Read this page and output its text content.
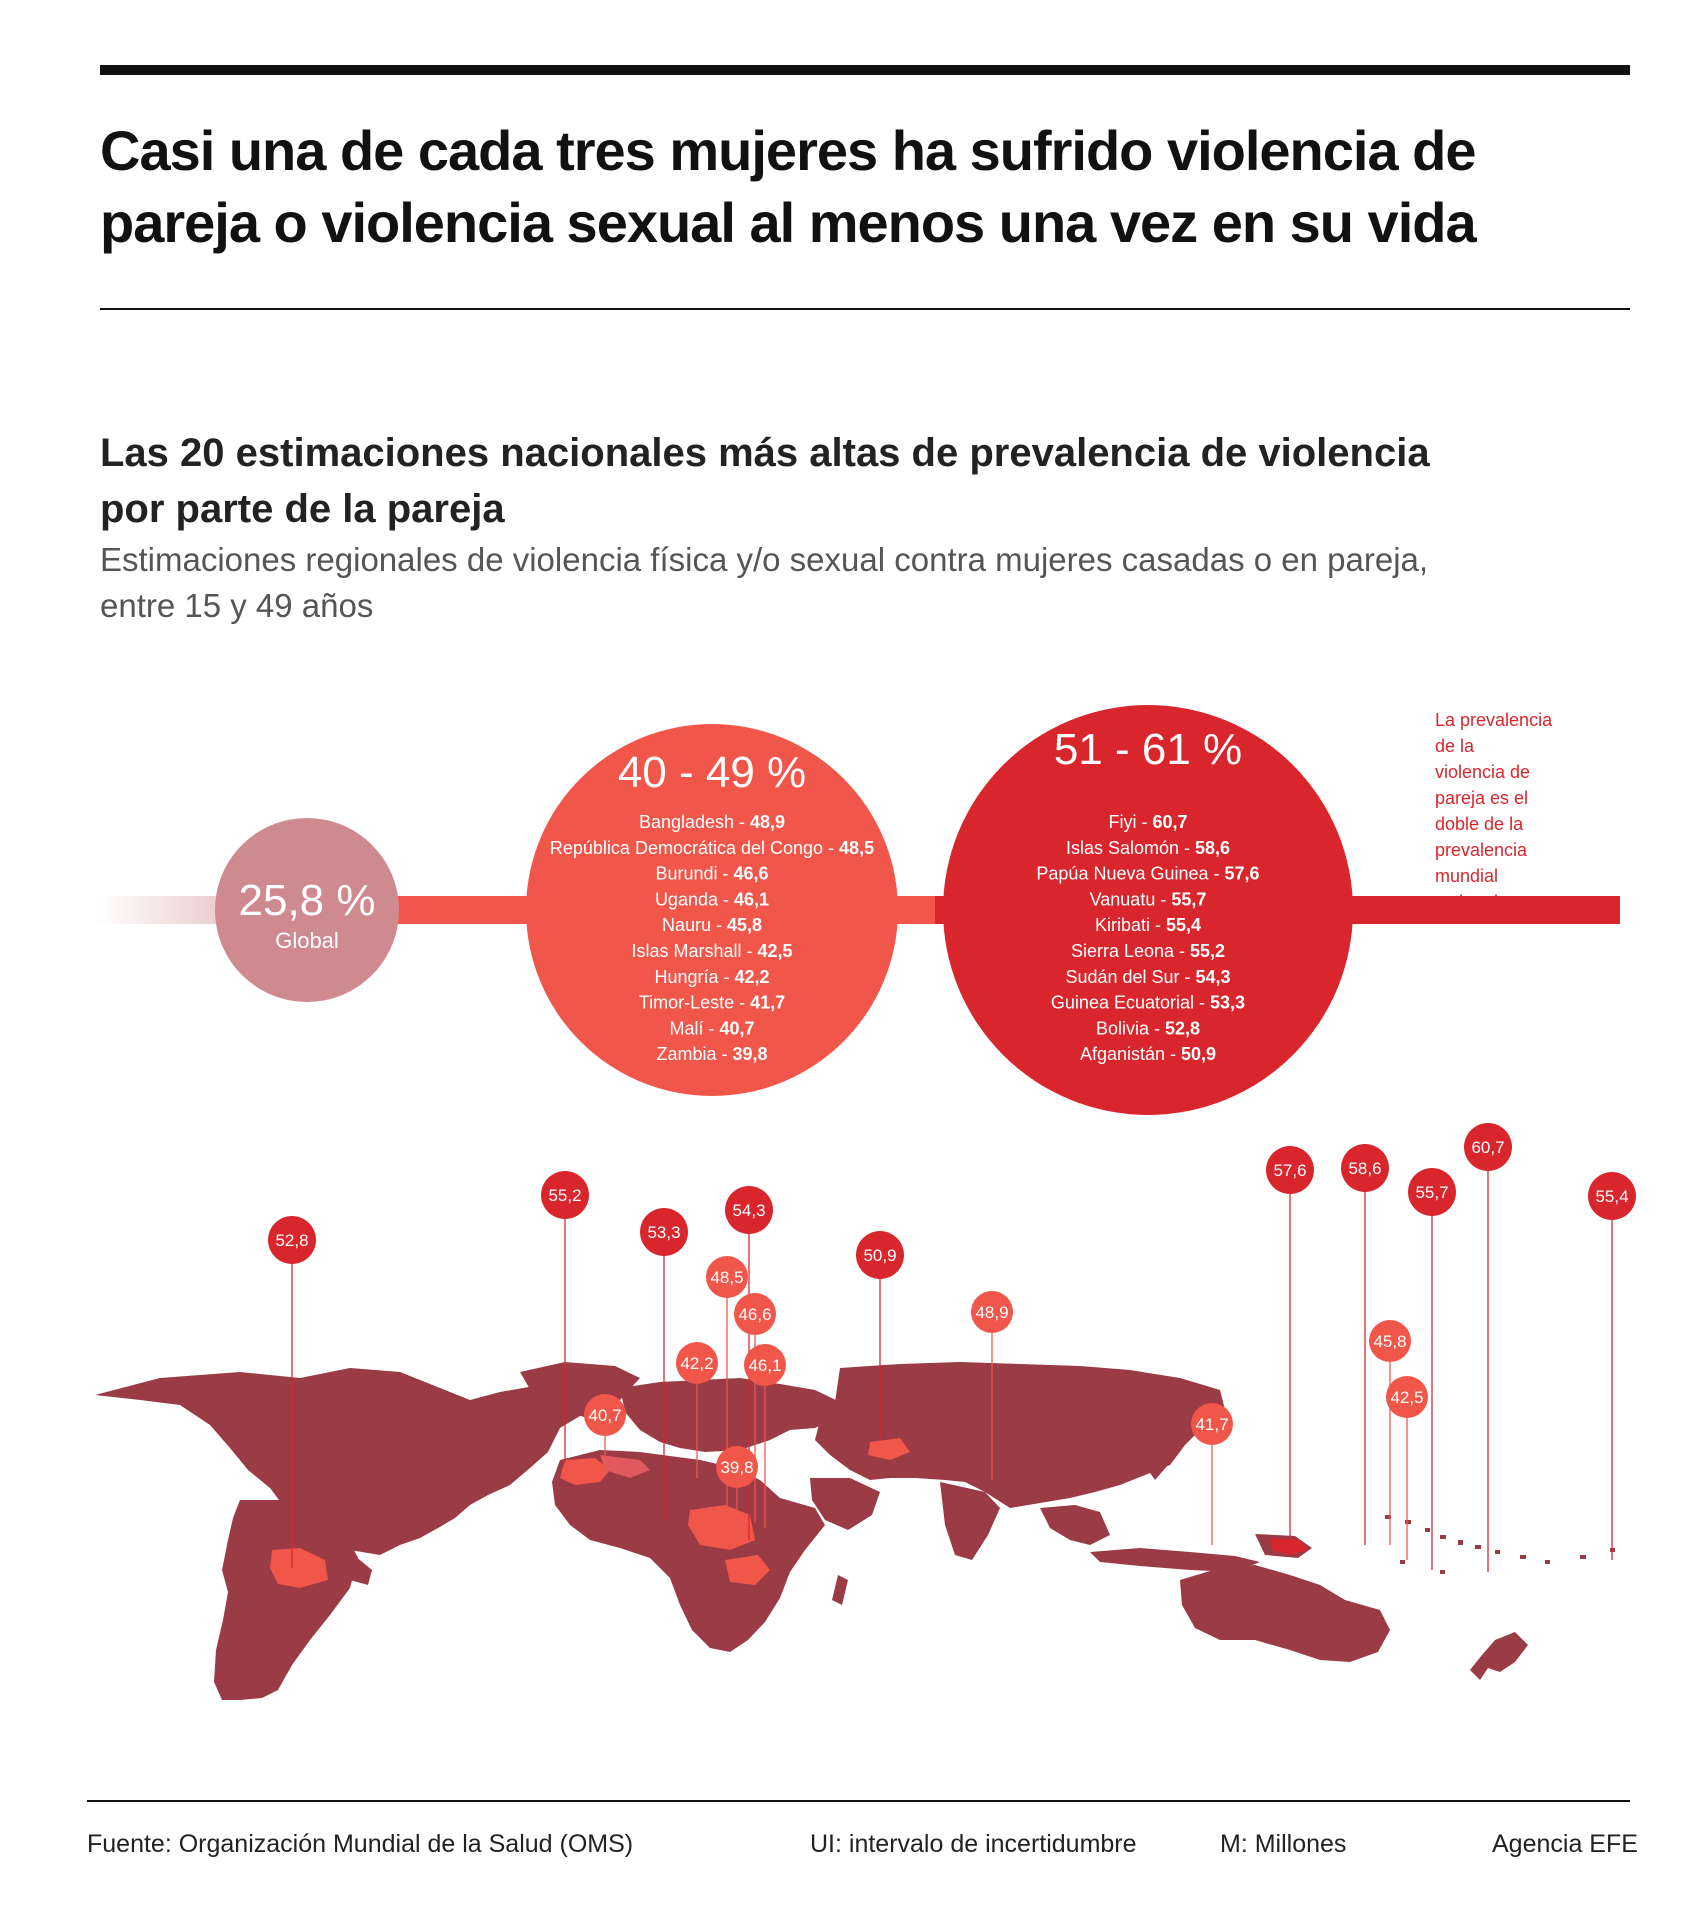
Casi una de cada tres mujeres ha sufrido violencia de pareja o violencia sexual al menos una vez en su vida
Las 20 estimaciones nacionales más altas de prevalencia de violencia por parte de la pareja
Estimaciones regionales de violencia física y/o sexual contra mujeres casadas o en pareja, entre 15 y 49 años
25,8 %
Global
40 - 49 %
Bangladesh - 48,9
República Democrática del Congo - 48,5
Burundi - 46,6
Uganda - 46,1
Nauru - 45,8
Islas Marshall - 42,5
Hungría - 42,2
Timor-Leste - 41,7
Malí - 40,7
Zambia - 39,8
51 - 61 %
Fiyi - 60,7
Islas Salomón - 58,6
Papúa Nueva Guinea - 57,6
Vanuatu - 55,7
Kiribati - 55,4
Sierra Leona - 55,2
Sudán del Sur - 54,3
Guinea Ecuatorial - 53,3
Bolivia - 52,8
Afganistán - 50,9
La prevalencia
de la
violencia de
pareja es el
doble de la
prevalencia
mundial
estimada
52,8
55,2
53,3
54,3
48,5
46,6
46,1
42,2
40,7
39,8
50,9
48,9
41,7
57,6 58,6
45,8
42,5
55,7
60,7
55,4
Fuente: Organización Mundial de la Salud (OMS)	UI: intervalo de incertidumbre	M: Millones	Agencia EFE
